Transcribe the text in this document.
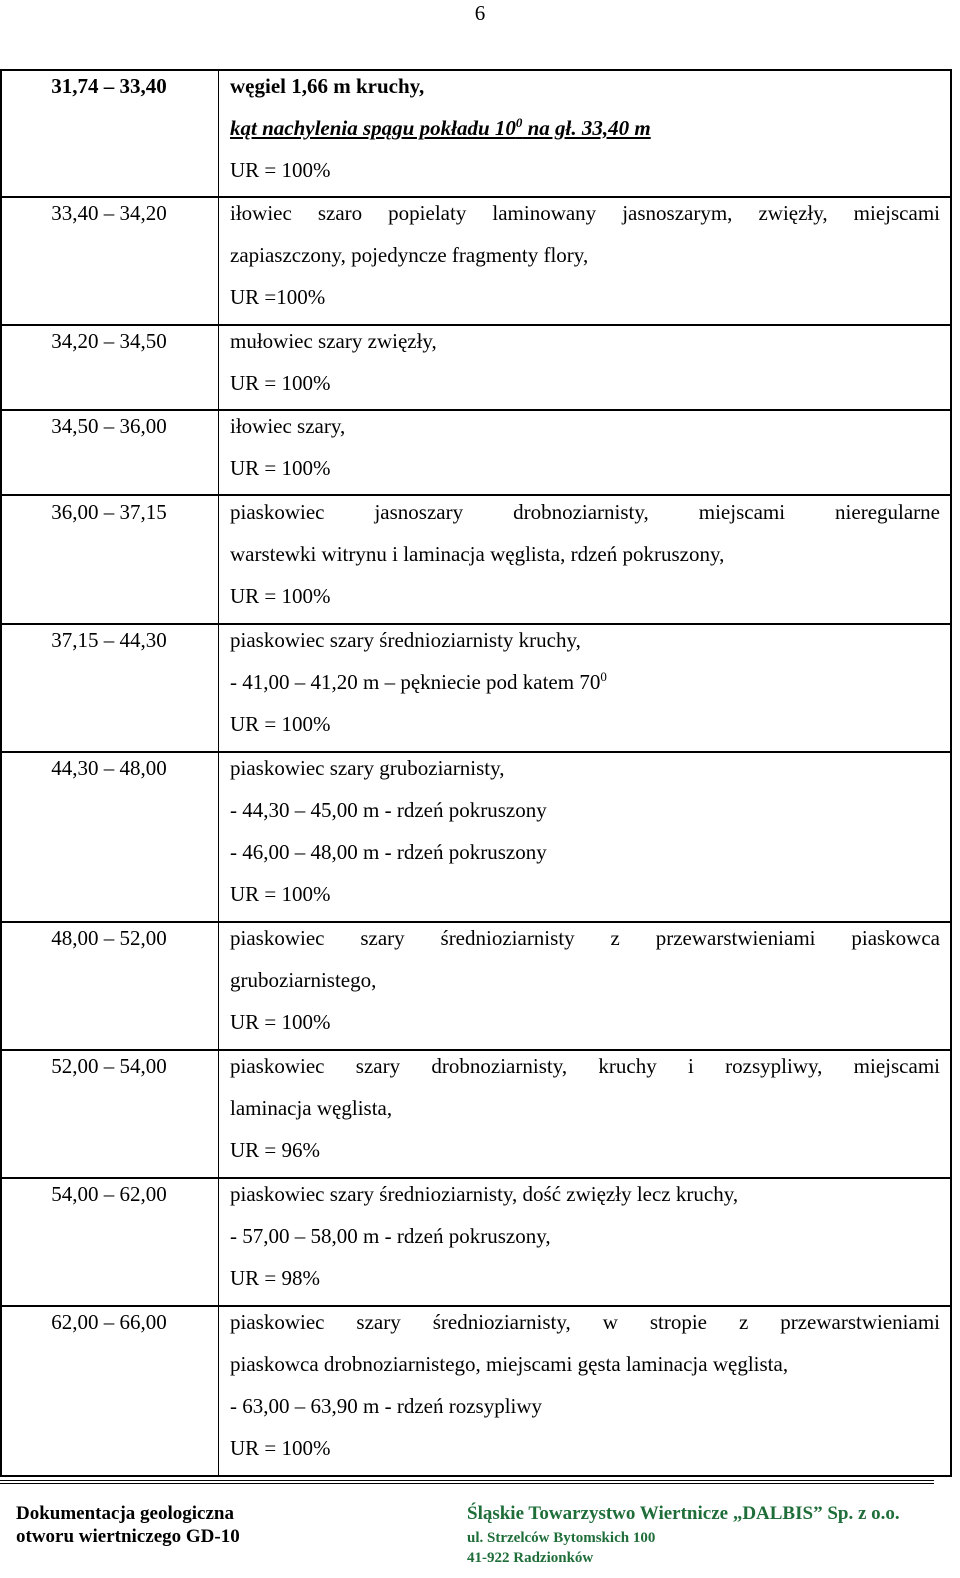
6
31,74 – 33,40	węgiel 1,66 m kruchy,
kąt nachylenia spągu pokładu $10^0$ na gł. 33,40 m
UR = 100%
33,40 – 34,20	iłowiec szaro popielaty laminowany jasnoszarym, zwięzły, miejscami
zapiaszczony, pojedyncze fragmenty flory,
UR =100%
34,20 – 34,50	mułowiec szary zwięzły,
UR = 100%
34,50 – 36,00	iłowiec szary,
UR = 100%
36,00 – 37,15	piaskowiec jasnoszary drobnoziarnisty, miejscami nieregularne
warstewki witrynu i laminacja węglista, rdzeń pokruszony,
UR = 100%
37,15 – 44,30	piaskowiec szary średnioziarnisty kruchy,
- 41,00 – 41,20 m – pękniecie pod katem $70^0$
UR = 100%
44,30 – 48,00	piaskowiec szary gruboziarnisty,
- 44,30 – 45,00 m - rdzeń pokruszony
- 46,00 – 48,00 m - rdzeń pokruszony
UR = 100%
48,00 – 52,00	piaskowiec szary średnioziarnisty z przewarstwieniami piaskowca
gruboziarnistego,
UR = 100%
52,00 – 54,00	piaskowiec szary drobnoziarnisty, kruchy i rozsypliwy, miejscami
laminacja węglista,
UR = 96%
54,00 – 62,00	piaskowiec szary średnioziarnisty, dość zwięzły lecz kruchy,
- 57,00 – 58,00 m - rdzeń pokruszony,
UR = 98%
62,00 – 66,00	piaskowiec szary średnioziarnisty, w stropie z przewarstwieniami
piaskowca drobnoziarnistego, miejscami gęsta laminacja węglista,
- 63,00 – 63,90 m - rdzeń rozsypliwy
UR = 100%
Dokumentacja geologiczna
otworu wiertniczego GD-10
Śląskie Towarzystwo Wiertnicze „DALBIS” Sp. z o.o.
ul. Strzelców Bytomskich 100
41-922 Radzionków
